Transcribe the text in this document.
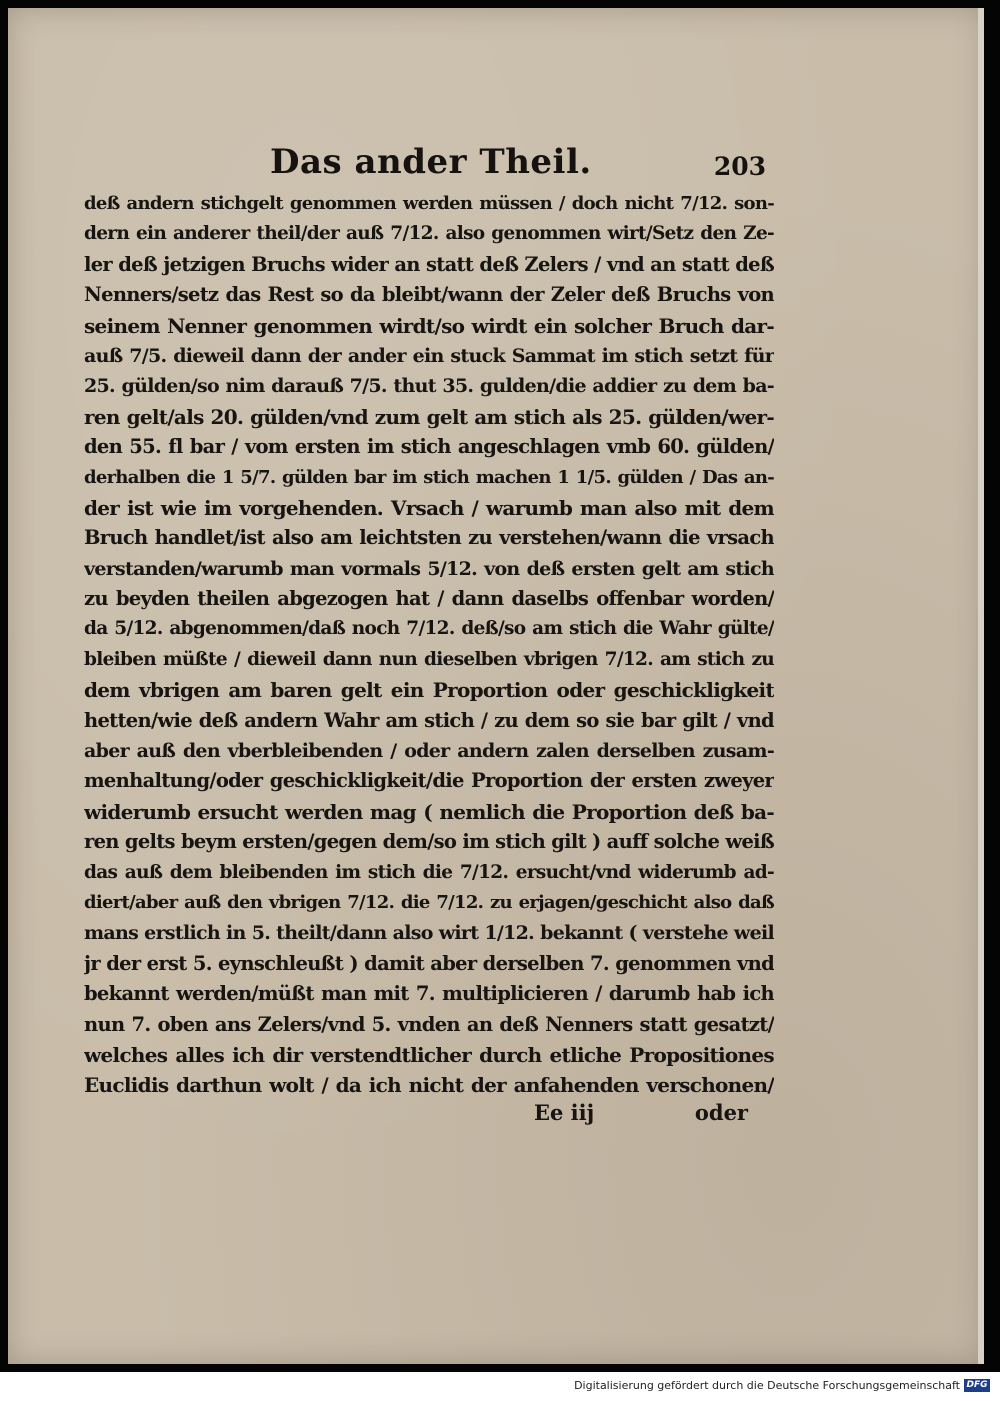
Das ander Theil.	203
deß andern stichgelt genommen werden müssen / doch nicht 7/12. son-
dern ein anderer theil/der auß 7/12. also genommen wirt/Setz den Ze-
ler deß jetzigen Bruchs wider an statt deß Zelers / vnd an statt deß
Nenners/setz das Rest so da bleibt/wann der Zeler deß Bruchs von
seinem Nenner genommen wirdt/so wirdt ein solcher Bruch dar-
auß 7/5. dieweil dann der ander ein stuck Sammat im stich setzt für
25. gülden/so nim darauß 7/5. thut 35. gulden/die addier zu dem ba-
ren gelt/als 20. gülden/vnd zum gelt am stich als 25. gülden/wer-
den 55. fl bar / vom ersten im stich angeschlagen vmb 60. gülden/
derhalben die 1 5/7. gülden bar im stich machen 1 1/5. gülden / Das an-
der ist wie im vorgehenden. Vrsach / warumb man also mit dem
Bruch handlet/ist also am leichtsten zu verstehen/wann die vrsach
verstanden/warumb man vormals 5/12. von deß ersten gelt am stich
zu beyden theilen abgezogen hat / dann daselbs offenbar worden/
da 5/12. abgenommen/daß noch 7/12. deß/so am stich die Wahr gülte/
bleiben müßte / dieweil dann nun dieselben vbrigen 7/12. am stich zu
dem vbrigen am baren gelt ein Proportion oder geschickligkeit
hetten/wie deß andern Wahr am stich / zu dem so sie bar gilt / vnd
aber auß den vberbleibenden / oder andern zalen derselben zusam-
menhaltung/oder geschickligkeit/die Proportion der ersten zweyer
widerumb ersucht werden mag ( nemlich die Proportion deß ba-
ren gelts beym ersten/gegen dem/so im stich gilt ) auff solche weiß
das auß dem bleibenden im stich die 7/12. ersucht/vnd widerumb ad-
diert/aber auß den vbrigen 7/12. die 7/12. zu erjagen/geschicht also daß
mans erstlich in 5. theilt/dann also wirt 1/12. bekannt ( verstehe weil
jr der erst 5. eynschleußt ) damit aber derselben 7. genommen vnd
bekannt werden/müßt man mit 7. multiplicieren / darumb hab ich
nun 7. oben ans Zelers/vnd 5. vnden an deß Nenners statt gesatzt/
welches alles ich dir verstendtlicher durch etliche Propositiones
Euclidis darthun wolt / da ich nicht der anfahenden verschonen/
Ee iij	oder
Digitalisierung gefördert durch die Deutsche Forschungsgemeinschaft DFG
